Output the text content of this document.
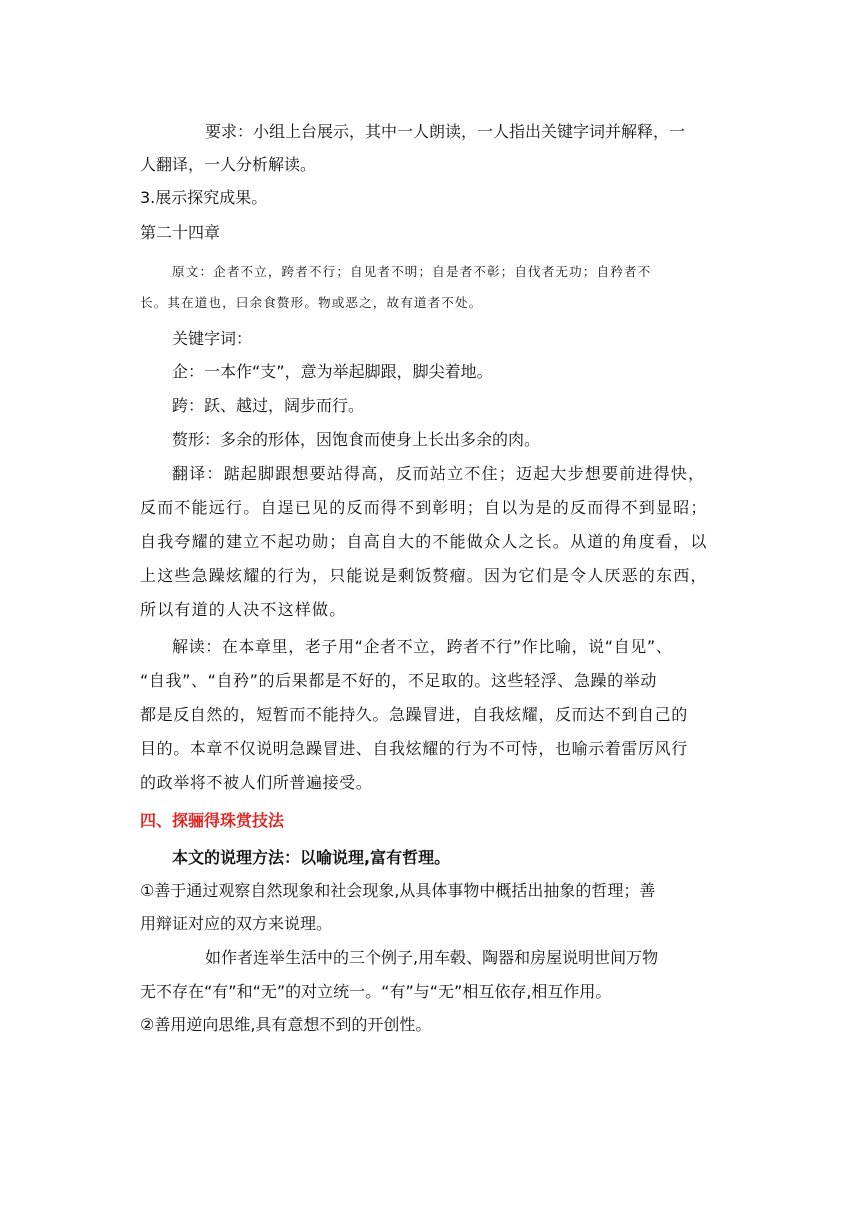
要求：小组上台展示，其中一人朗读，一人指出关键字词并解释，一
人翻译，一人分析解读。
3.展示探究成果。
第二十四章
原文：企者不立，跨者不行；自见者不明；自是者不彰；自伐者无功；自矜者不
长。其在道也，曰余食赘形。物或恶之，故有道者不处。
关键字词：
企：一本作“支”，意为举起脚跟，脚尖着地。
跨：跃、越过，阔步而行。
赘形：多余的形体，因饱食而使身上长出多余的肉。
翻译：踮起脚跟想要站得高，反而站立不住；迈起大步想要前进得快，
反而不能远行。自逞已见的反而得不到彰明；自以为是的反而得不到显昭；
自我夸耀的建立不起功勋；自高自大的不能做众人之长。从道的角度看，以
上这些急躁炫耀的行为，只能说是剩饭赘瘤。因为它们是令人厌恶的东西，
所以有道的人决不这样做。
解读：在本章里，老子用“企者不立，跨者不行”作比喻，说“自见”、
“自我”、“自矜”的后果都是不好的，不足取的。这些轻浮、急躁的举动
都是反自然的，短暂而不能持久。急躁冒进，自我炫耀，反而达不到自己的
目的。本章不仅说明急躁冒进、自我炫耀的行为不可恃，也喻示着雷厉风行
的政举将不被人们所普遍接受。
四、探骊得珠赏技法
本文的说理方法：以喻说理,富有哲理。
①善于通过观察自然现象和社会现象,从具体事物中概括出抽象的哲理；善
用辩证对应的双方来说理。
如作者连举生活中的三个例子,用车毂、陶器和房屋说明世间万物
无不存在“有”和“无”的对立统一。“有”与“无”相互依存,相互作用。
②善用逆向思维,具有意想不到的开创性。
